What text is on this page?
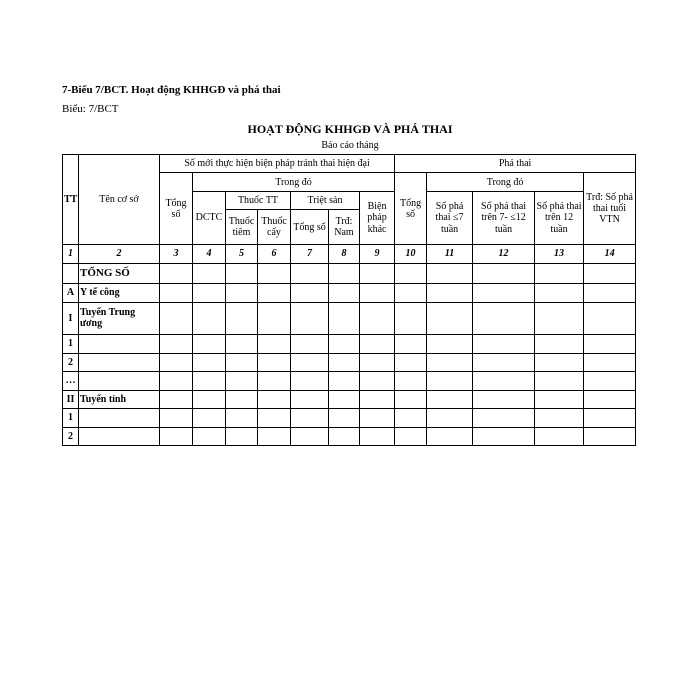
7-Biểu 7/BCT. Hoạt động KHHGĐ và phá thai
Biểu: 7/BCT
HOẠT ĐỘNG KHHGĐ VÀ PHÁ THAI
Báo cáo tháng
TT	Tên cơ sở	Số mới thực hiện biện pháp tránh thai hiện đại							Phá thai				
		Tổng số	Trong đó						Tổng số	Trong đó			Trđ: Số phá thai tuổi VTN
			DCTC	Thuốc TT		Triệt sản		Biện pháp khác		Số phá thai ≤7 tuần	Số phá thai trên 7- ≤12 tuần	Số phá thai trên 12 tuần	
				Thuốc tiêm	Thuốc cấy	Tổng số	Trđ: Nam						
1	2	3	4	5	6	7	8	9	10	11	12	13	14
	TỔNG SỐ												
A	Y tế công												
I	Tuyến Trung ương												
1													
2													
…													
II	Tuyến tỉnh												
1													
2													
